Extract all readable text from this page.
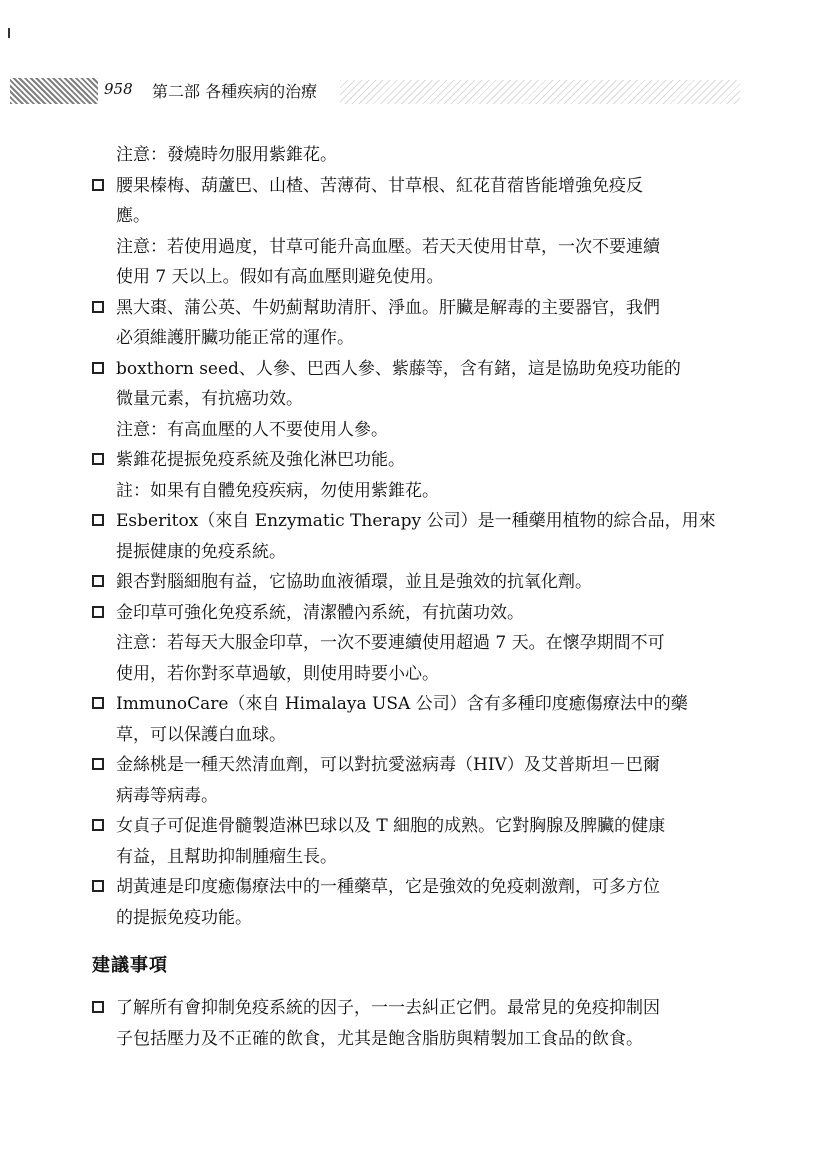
958 第二部 各種疾病的治療
注意：發燒時勿服用紫錐花。
腰果榛梅、葫蘆巴、山楂、苦薄荷、甘草根、紅花苜蓿皆能增強免疫反
應。
注意：若使用過度，甘草可能升高血壓。若天天使用甘草，一次不要連續
使用 7 天以上。假如有高血壓則避免使用。
黑大棗、蒲公英、牛奶薊幫助清肝、淨血。肝臟是解毒的主要器官，我們
必須維護肝臟功能正常的運作。
boxthorn seed、人參、巴西人參、紫藤等，含有鍺，這是協助免疫功能的
微量元素，有抗癌功效。
注意：有高血壓的人不要使用人參。
紫錐花提振免疫系統及強化淋巴功能。
註：如果有自體免疫疾病，勿使用紫錐花。
Esberitox（來自 Enzymatic Therapy 公司）是一種藥用植物的綜合品，用來
提振健康的免疫系統。
銀杏對腦細胞有益，它協助血液循環，並且是強效的抗氧化劑。
金印草可強化免疫系統，清潔體內系統，有抗菌功效。
注意：若每天大服金印草，一次不要連續使用超過 7 天。在懷孕期間不可
使用，若你對豕草過敏，則使用時要小心。
ImmunoCare（來自 Himalaya USA 公司）含有多種印度癒傷療法中的藥
草，可以保護白血球。
金絲桃是一種天然清血劑，可以對抗愛滋病毒（HIV）及艾普斯坦－巴爾
病毒等病毒。
女貞子可促進骨髓製造淋巴球以及 T 細胞的成熟。它對胸腺及脾臟的健康
有益，且幫助抑制腫瘤生長。
胡黃連是印度癒傷療法中的一種藥草，它是強效的免疫刺激劑，可多方位
的提振免疫功能。
建議事項
了解所有會抑制免疫系統的因子，一一去糾正它們。最常見的免疫抑制因
子包括壓力及不正確的飲食，尤其是飽含脂肪與精製加工食品的飲食。
